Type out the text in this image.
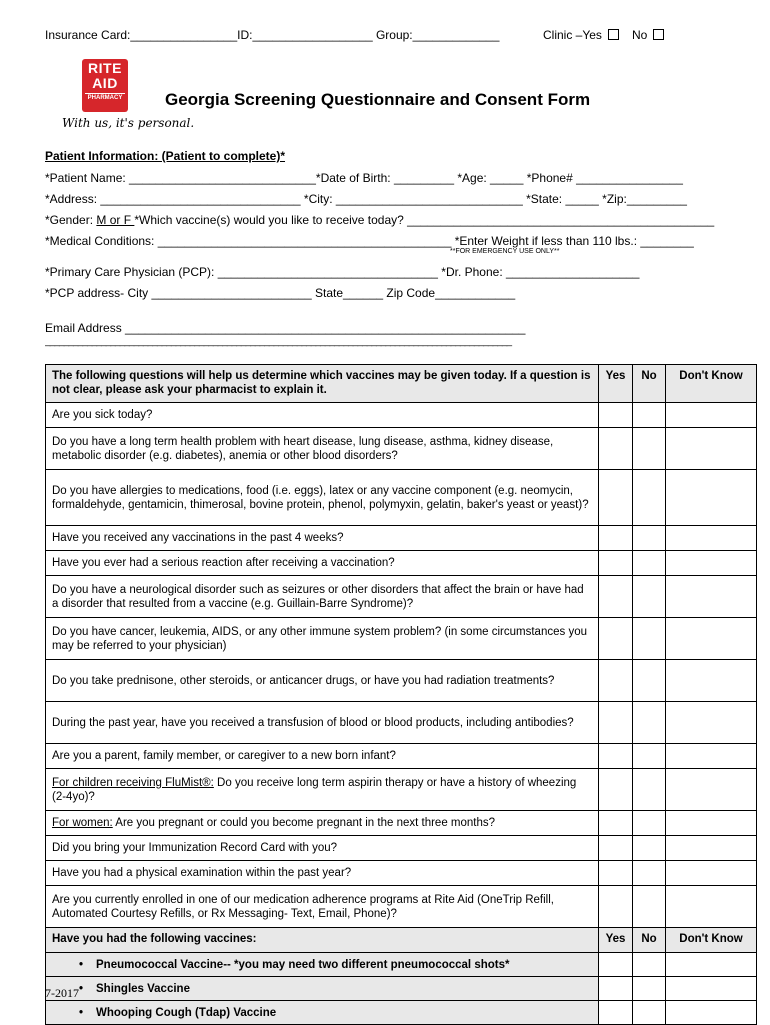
Insurance Card:________________ID:__________________ Group:_____________	Clinic –Yes	No
RITE
AID
PHARMACY
With us, it's personal.
Georgia Screening Questionnaire and Consent Form
Patient Information: (Patient to complete)*
*Patient Name: ____________________________*Date of Birth: _________ *Age: _____ *Phone# ________________
*Address: ______________________________ *City: ____________________________ *State: _____ *Zip:_________
*Gender: M or F *Which vaccine(s) would you like to receive today? ______________________________________________
*Medical Conditions: ____________________________________________ *Enter Weight if less than 110 lbs.: ________
**FOR EMERGENCY USE ONLY**
*Primary Care Physician (PCP): _________________________________ *Dr. Phone: ____________________
*PCP address- City ________________________ State______ Zip Code____________
Email Address ____________________________________________________________
____________________________________________________________________________________________________
The following questions will help us determine which vaccines may be given today. If a question is not clear, please ask your pharmacist to explain it.	Yes	No	Don't Know
Are you sick today?			
Do you have a long term health problem with heart disease, lung disease, asthma, kidney disease, metabolic disorder (e.g. diabetes), anemia or other blood disorders?			
Do you have allergies to medications, food (i.e. eggs), latex or any vaccine component (e.g. neomycin, formaldehyde, gentamicin, thimerosal, bovine protein, phenol, polymyxin, gelatin, baker's yeast or yeast)?			
Have you received any vaccinations in the past 4 weeks?			
Have you ever had a serious reaction after receiving a vaccination?			
Do you have a neurological disorder such as seizures or other disorders that affect the brain or have had a disorder that resulted from a vaccine (e.g. Guillain-Barre Syndrome)?			
Do you have cancer, leukemia, AIDS, or any other immune system problem? (in some circumstances you may be referred to your physician)			
Do you take prednisone, other steroids, or anticancer drugs, or have you had radiation treatments?			
During the past year, have you received a transfusion of blood or blood products, including antibodies?			
Are you a parent, family member, or caregiver to a new born infant?			
For children receiving FluMist®: Do you receive long term aspirin therapy or have a history of wheezing (2-4yo)?			
For women: Are you pregnant or could you become pregnant in the next three months?			
Did you bring your Immunization Record Card with you?			
Have you had a physical examination within the past year?			
Are you currently enrolled in one of our medication adherence programs at Rite Aid (OneTrip Refill, Automated Courtesy Refills, or Rx Messaging- Text, Email, Phone)?			
Have you had the following vaccines:	Yes	No	Don't Know
• Pneumococcal Vaccine-- *you may need two different pneumococcal shots*			
• Shingles Vaccine			
• Whooping Cough (Tdap) Vaccine			
7-2017
